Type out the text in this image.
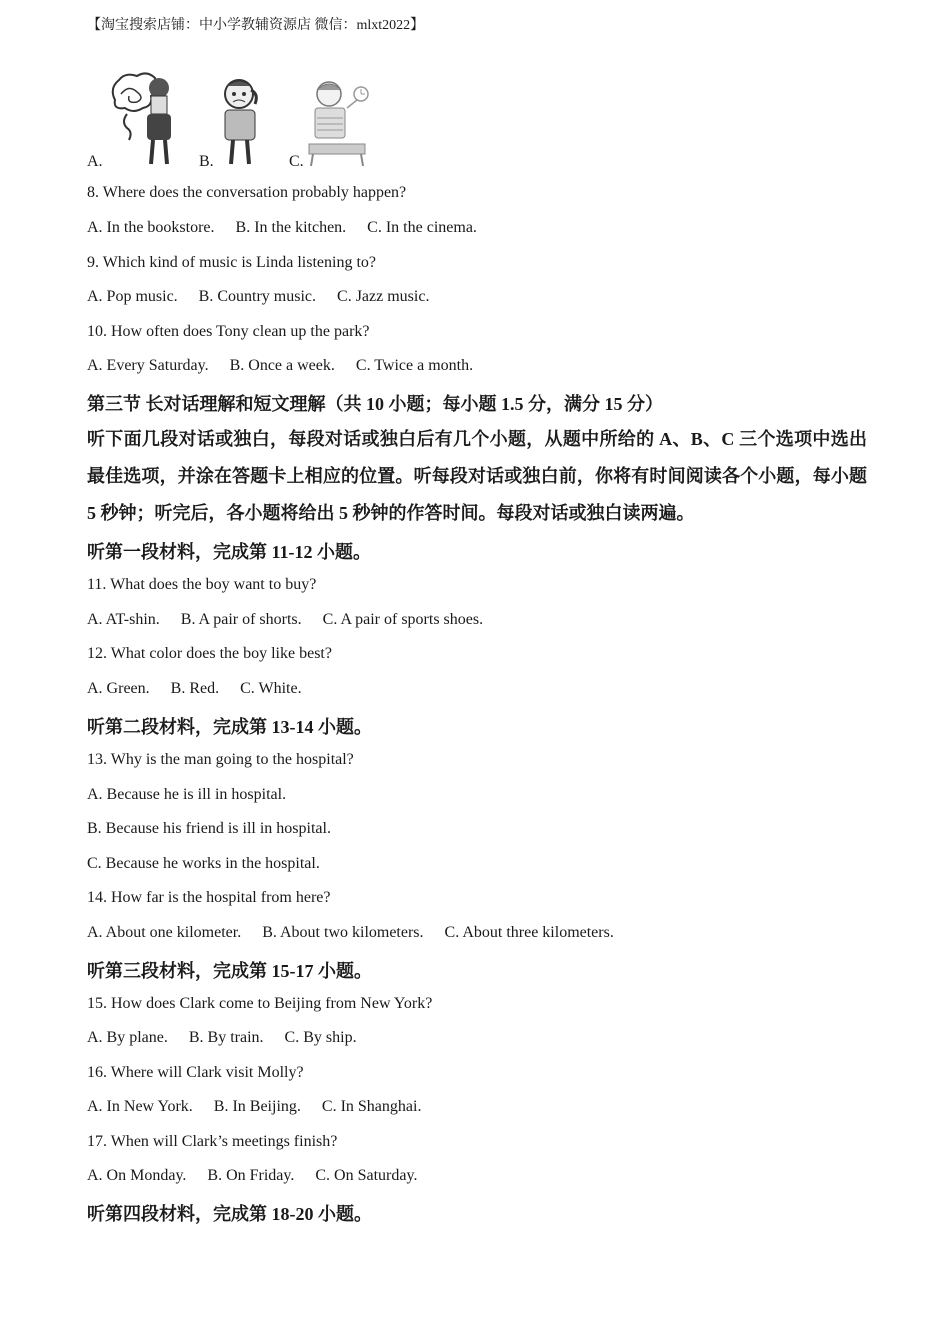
【淘宝搜索店铺：中小学教辅资源店 微信：mlxt2022】
A.	B.	C.
8. Where does the conversation probably happen?
A. In the bookstore. B. In the kitchen. C. In the cinema.
9. Which kind of music is Linda listening to?
A. Pop music. B. Country music. C. Jazz music.
10. How often does Tony clean up the park?
A. Every Saturday. B. Once a week. C. Twice a month.
第三节 长对话理解和短文理解（共 10 小题；每小题 1.5 分，满分 15 分）
听下面几段对话或独白，每段对话或独白后有几个小题，从题中所给的 A、B、C 三个选项中选出最佳选项，并涂在答题卡上相应的位置。听每段对话或独白前，你将有时间阅读各个小题，每小题 5 秒钟；听完后，各小题将给出 5 秒钟的作答时间。每段对话或独白读两遍。
听第一段材料，完成第 11-12 小题。
11. What does the boy want to buy?
A. AT-shin. B. A pair of shorts. C. A pair of sports shoes.
12. What color does the boy like best?
A. Green. B. Red. C. White.
听第二段材料，完成第 13-14 小题。
13. Why is the man going to the hospital?
A. Because he is ill in hospital.
B. Because his friend is ill in hospital.
C. Because he works in the hospital.
14. How far is the hospital from here?
A. About one kilometer. B. About two kilometers. C. About three kilometers.
听第三段材料，完成第 15-17 小题。
15. How does Clark come to Beijing from New York?
A. By plane. B. By train. C. By ship.
16. Where will Clark visit Molly?
A. In New York. B. In Beijing. C. In Shanghai.
17. When will Clark’s meetings finish?
A. On Monday. B. On Friday. C. On Saturday.
听第四段材料，完成第 18-20 小题。
